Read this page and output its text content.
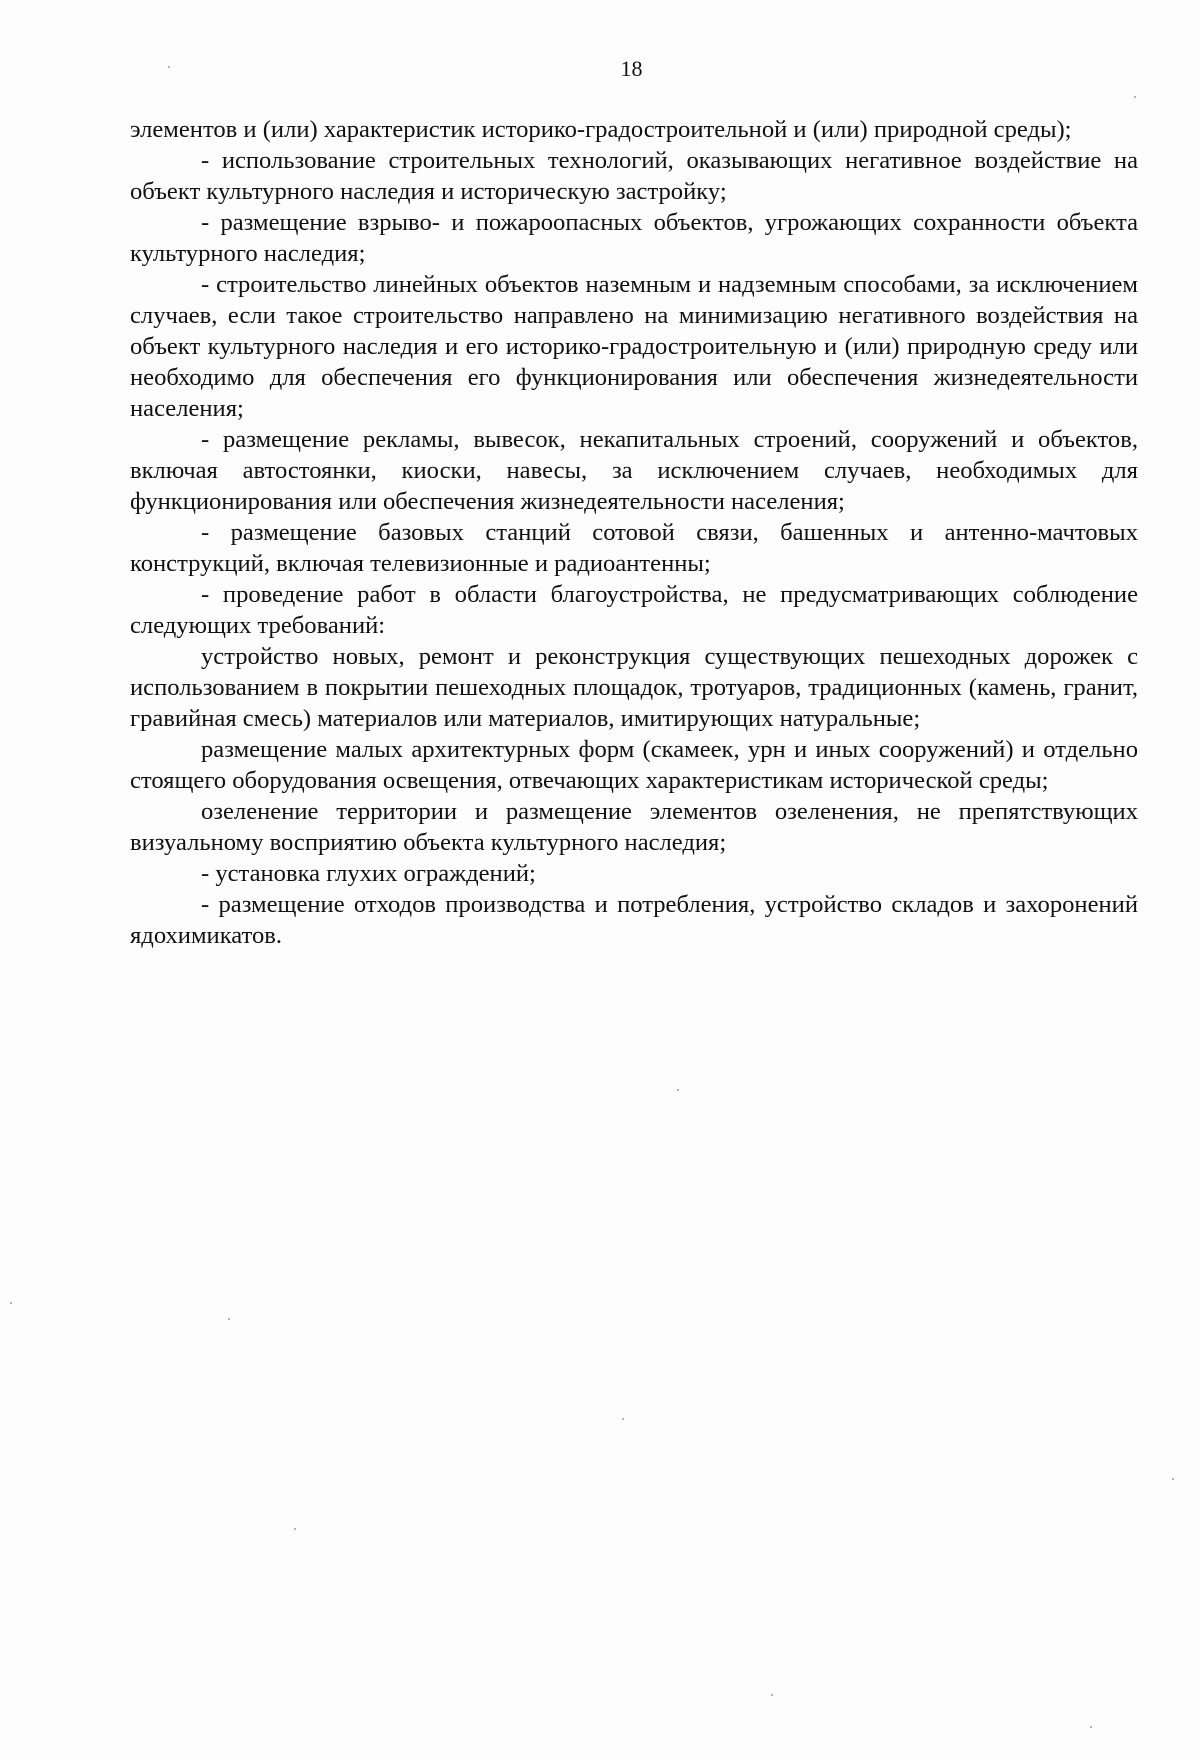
18

элементов и (или) характеристик историко-градостроительной и (или) природной среды);

- использование строительных технологий, оказывающих негативное воздействие на объект культурного наследия и историческую застройку;

- размещение взрыво- и пожароопасных объектов, угрожающих сохранности объекта культурного наследия;

- строительство линейных объектов наземным и надземным способами, за исключением случаев, если такое строительство направлено на минимизацию негативного воздействия на объект культурного наследия и его историко-градостроительную и (или) природную среду или необходимо для обеспечения его функционирования или обеспечения жизнедеятельности населения;

- размещение рекламы, вывесок, некапитальных строений, сооружений и объектов, включая автостоянки, киоски, навесы, за исключением случаев, необходимых для функционирования или обеспечения жизнедеятельности населения;

- размещение базовых станций сотовой связи, башенных и антенно-мачтовых конструкций, включая телевизионные и радиоантенны;

- проведение работ в области благоустройства, не предусматривающих соблюдение следующих требований:

устройство новых, ремонт и реконструкция существующих пешеходных дорожек с использованием в покрытии пешеходных площадок, тротуаров, традиционных (камень, гранит, гравийная смесь) материалов или материалов, имитирующих натуральные;

размещение малых архитектурных форм (скамеек, урн и иных сооружений) и отдельно стоящего оборудования освещения, отвечающих характеристикам исторической среды;

озеленение территории и размещение элементов озеленения, не препятствующих визуальному восприятию объекта культурного наследия;

- установка глухих ограждений;

- размещение отходов производства и потребления, устройство складов и захоронений ядохимикатов.
